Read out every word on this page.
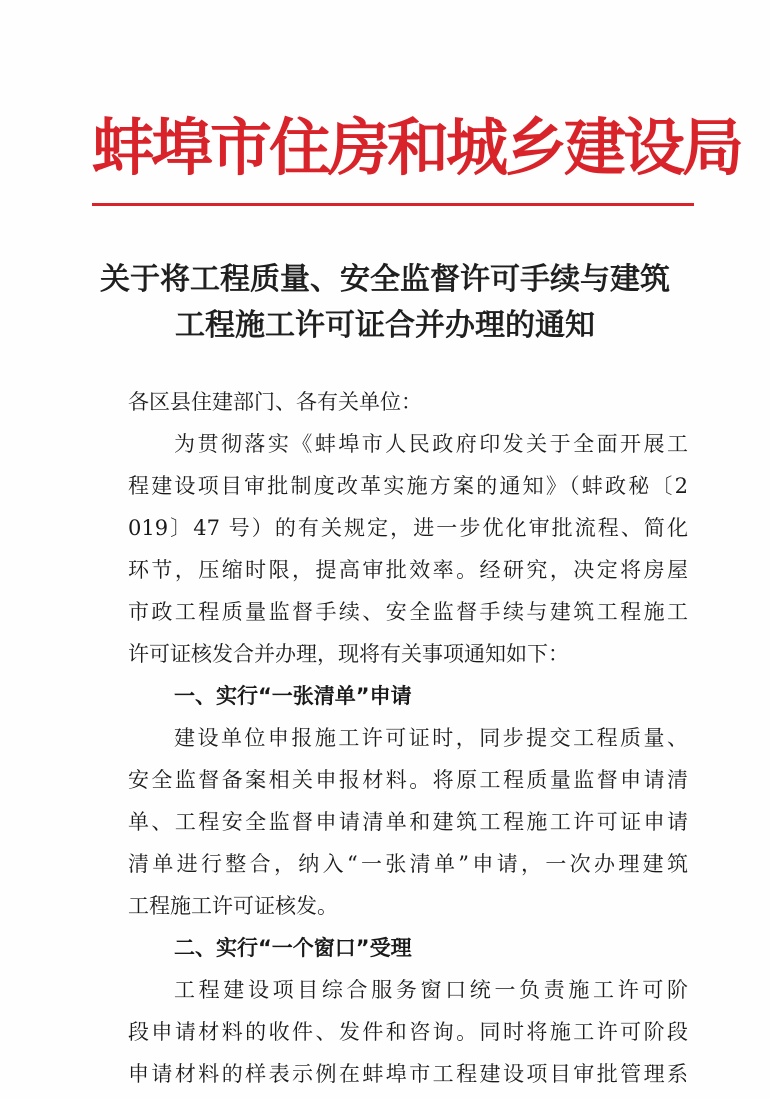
蚌埠市住房和城乡建设局
关于将工程质量、安全监督许可手续与建筑
工程施工许可证合并办理的通知
各区县住建部门、各有关单位：
为贯彻落实《蚌埠市人民政府印发关于全面开展工
程建设项目审批制度改革实施方案的通知》（蚌政秘〔2
019〕47 号）的有关规定，进一步优化审批流程、简化
环节，压缩时限，提高审批效率。经研究，决定将房屋
市政工程质量监督手续、安全监督手续与建筑工程施工
许可证核发合并办理，现将有关事项通知如下：
一、实行“一张清单”申请
建设单位申报施工许可证时，同步提交工程质量、
安全监督备案相关申报材料。将原工程质量监督申请清
单、工程安全监督申请清单和建筑工程施工许可证申请
清单进行整合，纳入“一张清单”申请，一次办理建筑
工程施工许可证核发。
二、实行“一个窗口”受理
工程建设项目综合服务窗口统一负责施工许可阶
段申请材料的收件、发件和咨询。同时将施工许可阶段
申请材料的样表示例在蚌埠市工程建设项目审批管理系
